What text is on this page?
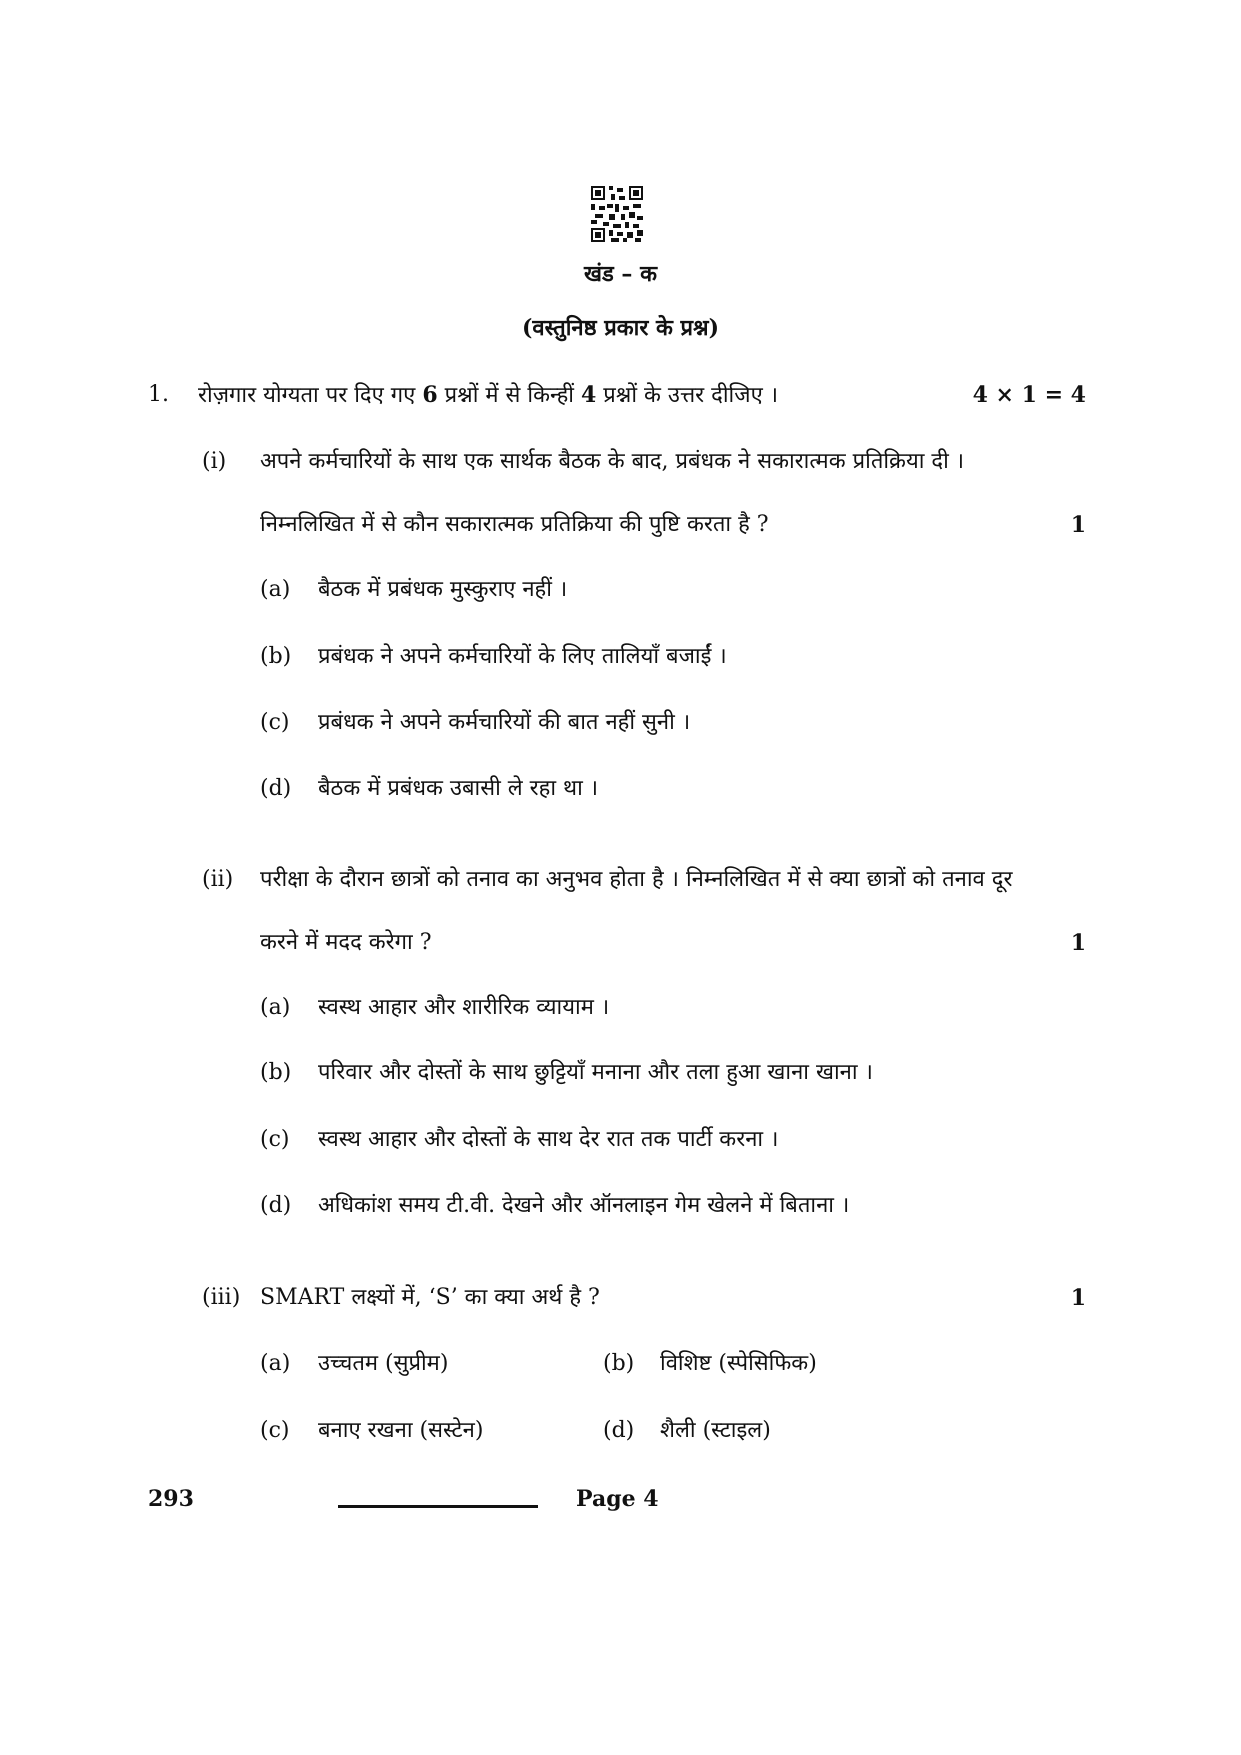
खंड – क
(वस्तुनिष्ठ प्रकार के प्रश्न)
1. रोज़गार योग्यता पर दिए गए 6 प्रश्नों में से किन्हीं 4 प्रश्नों के उत्तर दीजिए ।	4 × 1 = 4
(i) अपने कर्मचारियों के साथ एक सार्थक बैठक के बाद, प्रबंधक ने सकारात्मक प्रतिक्रिया दी ।
निम्नलिखित में से कौन सकारात्मक प्रतिक्रिया की पुष्टि करता है ?	1
(a) बैठक में प्रबंधक मुस्कुराए नहीं ।
(b) प्रबंधक ने अपने कर्मचारियों के लिए तालियाँ बजाईं ।
(c) प्रबंधक ने अपने कर्मचारियों की बात नहीं सुनी ।
(d) बैठक में प्रबंधक उबासी ले रहा था ।
(ii) परीक्षा के दौरान छात्रों को तनाव का अनुभव होता है । निम्नलिखित में से क्या छात्रों को तनाव दूर
करने में मदद करेगा ?	1
(a) स्वस्थ आहार और शारीरिक व्यायाम ।
(b) परिवार और दोस्तों के साथ छुट्टियाँ मनाना और तला हुआ खाना खाना ।
(c) स्वस्थ आहार और दोस्तों के साथ देर रात तक पार्टी करना ।
(d) अधिकांश समय टी.वी. देखने और ऑनलाइन गेम खेलने में बिताना ।
(iii) SMART लक्ष्यों में, ‘S’ का क्या अर्थ है ?	1
(a) उच्चतम (सुप्रीम)	(b) विशिष्ट (स्पेसिफिक)
(c) बनाए रखना (सस्टेन)	(d) शैली (स्टाइल)
293	Page 4
